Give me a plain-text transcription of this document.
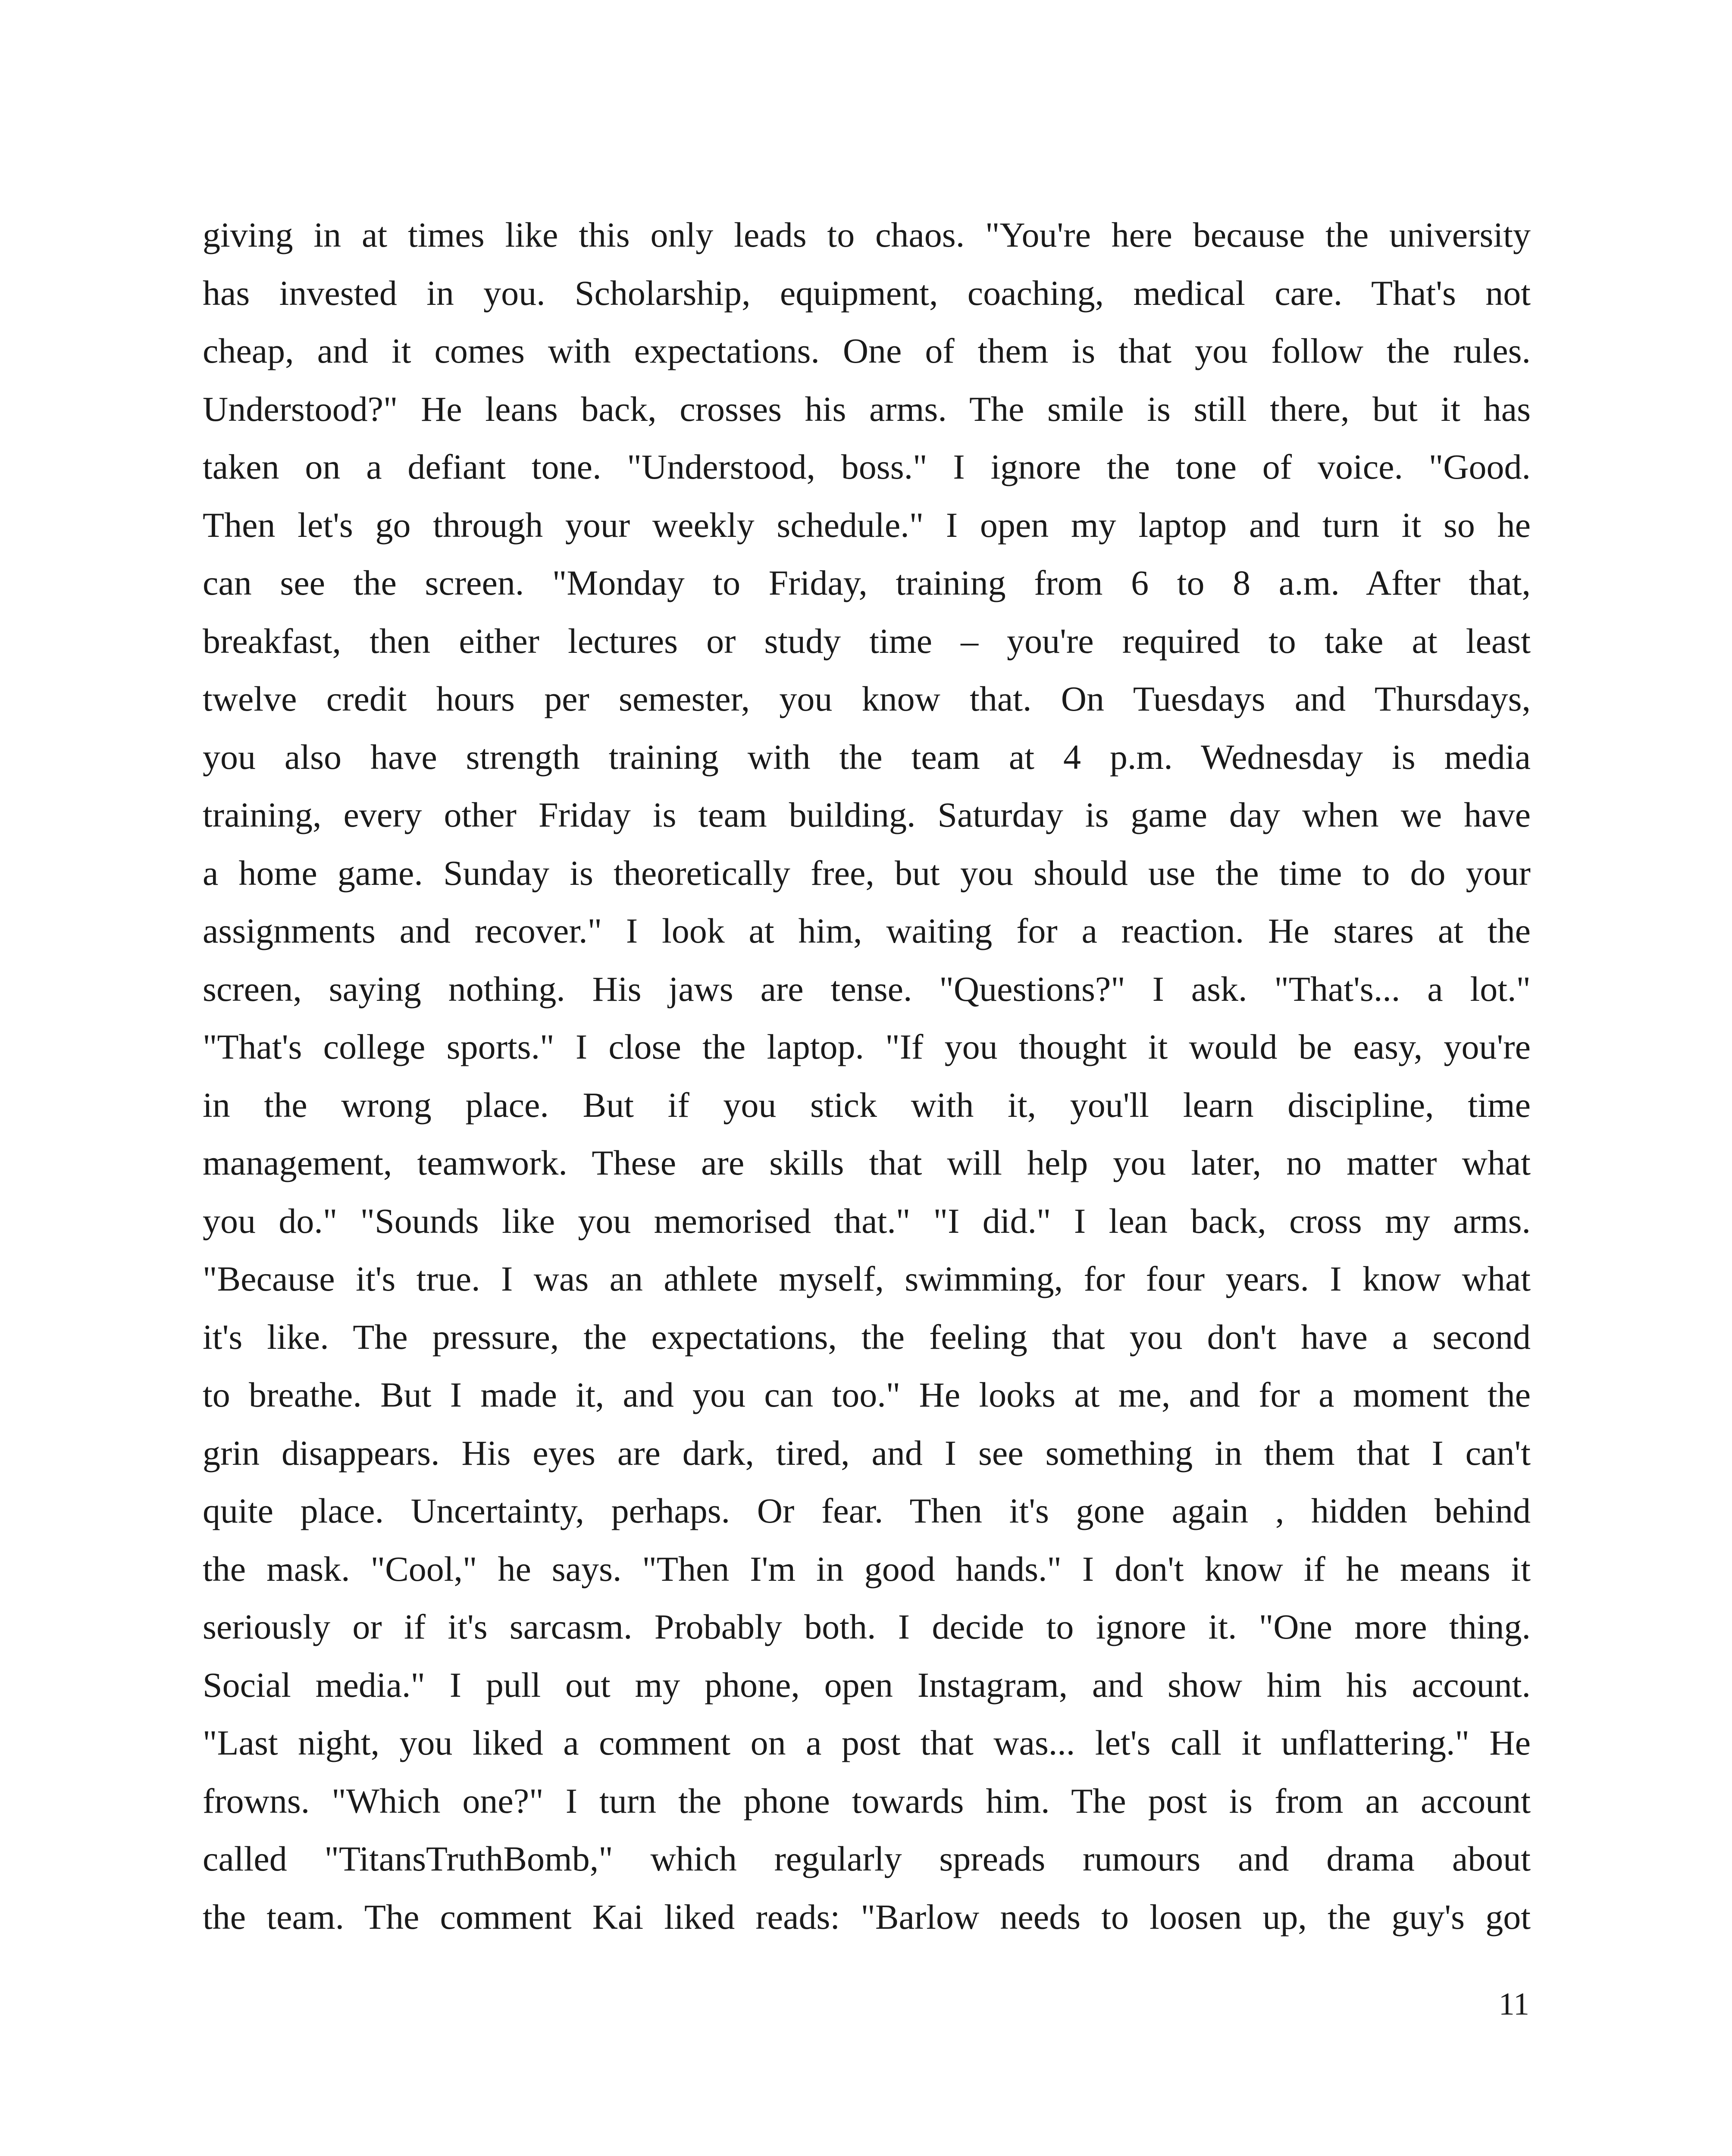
giving in at times like this only leads to chaos. "You're here because the university
has invested in you. Scholarship, equipment, coaching, medical care. That's not
cheap, and it comes with expectations. One of them is that you follow the rules.
Understood?" He leans back, crosses his arms. The smile is still there, but it has
taken on a defiant tone. "Understood, boss." I ignore the tone of voice. "Good.
Then let's go through your weekly schedule." I open my laptop and turn it so he
can see the screen. "Monday to Friday, training from 6 to 8 a.m. After that,
breakfast, then either lectures or study time – you're required to take at least
twelve credit hours per semester, you know that. On Tuesdays and Thursdays,
you also have strength training with the team at 4 p.m. Wednesday is media
training, every other Friday is team building. Saturday is game day when we have
a home game. Sunday is theoretically free, but you should use the time to do your
assignments and recover." I look at him, waiting for a reaction. He stares at the
screen, saying nothing. His jaws are tense. "Questions?" I ask. "That's... a lot."
"That's college sports." I close the laptop. "If you thought it would be easy, you're
in the wrong place. But if you stick with it, you'll learn discipline, time
management, teamwork. These are skills that will help you later, no matter what
you do." "Sounds like you memorised that." "I did." I lean back, cross my arms.
"Because it's true. I was an athlete myself, swimming, for four years. I know what
it's like. The pressure, the expectations, the feeling that you don't have a second
to breathe. But I made it, and you can too." He looks at me, and for a moment the
grin disappears. His eyes are dark, tired, and I see something in them that I can't
quite place. Uncertainty, perhaps. Or fear. Then it's gone again , hidden behind
the mask. "Cool," he says. "Then I'm in good hands." I don't know if he means it
seriously or if it's sarcasm. Probably both. I decide to ignore it. "One more thing.
Social media." I pull out my phone, open Instagram, and show him his account.
"Last night, you liked a comment on a post that was... let's call it unflattering." He
frowns. "Which one?" I turn the phone towards him. The post is from an account
called "TitansTruthBomb," which regularly spreads rumours and drama about
the team. The comment Kai liked reads: "Barlow needs to loosen up, the guy's got

11
